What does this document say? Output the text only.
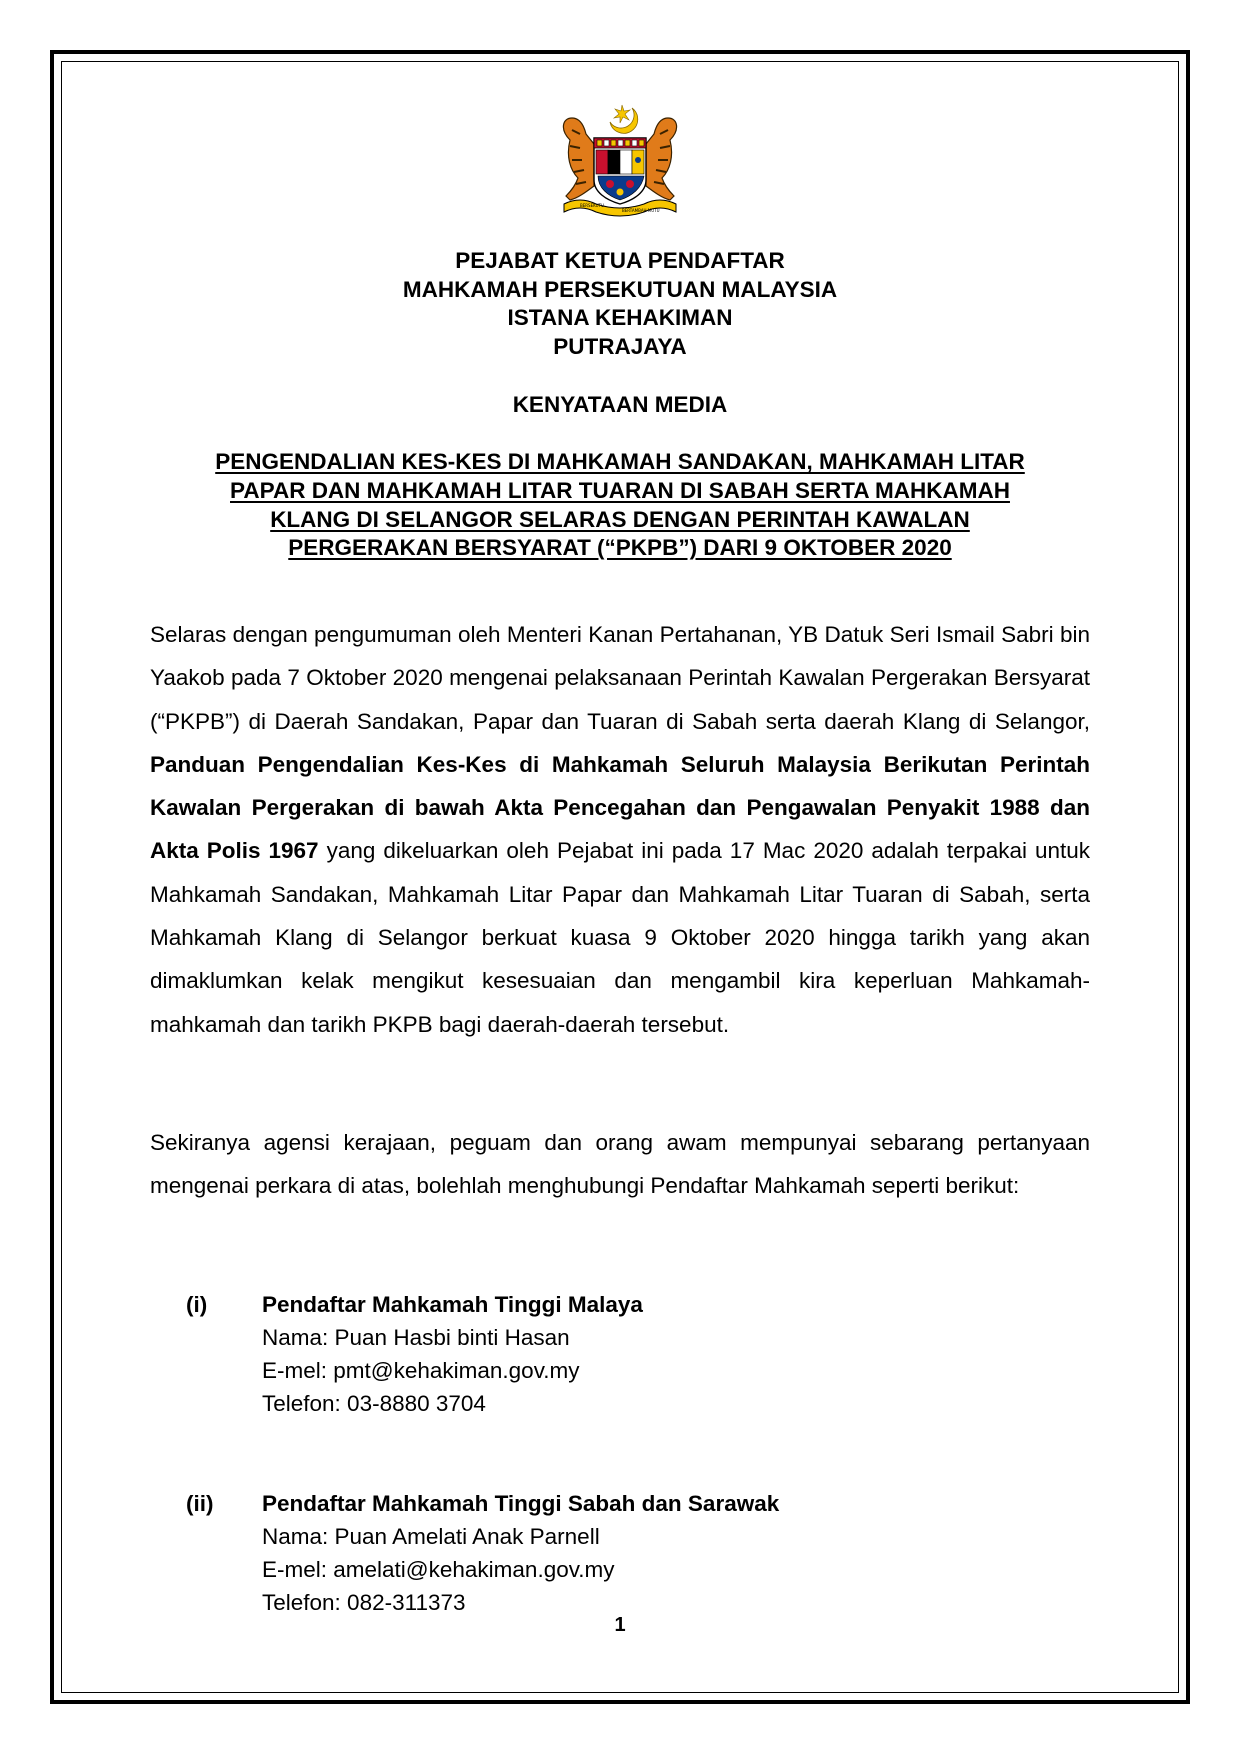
BERSEKUTU
BERTAMBAH MUTU
PEJABAT KETUA PENDAFTAR
MAHKAMAH PERSEKUTUAN MALAYSIA
ISTANA KEHAKIMAN
PUTRAJAYA
KENYATAAN MEDIA
PENGENDALIAN KES-KES DI MAHKAMAH SANDAKAN, MAHKAMAH LITAR
PAPAR DAN MAHKAMAH LITAR TUARAN DI SABAH SERTA MAHKAMAH
KLANG DI SELANGOR SELARAS DENGAN PERINTAH KAWALAN
PERGERAKAN BERSYARAT (“PKPB”) DARI 9 OKTOBER 2020

Selaras dengan pengumuman oleh Menteri Kanan Pertahanan, YB Datuk Seri Ismail Sabri bin Yaakob pada 7 Oktober 2020 mengenai pelaksanaan Perintah Kawalan Pergerakan Bersyarat (“PKPB”) di Daerah Sandakan, Papar dan Tuaran di Sabah serta daerah Klang di Selangor, Panduan Pengendalian Kes-Kes di Mahkamah Seluruh Malaysia Berikutan Perintah Kawalan Pergerakan di bawah Akta Pencegahan dan Pengawalan Penyakit 1988 dan Akta Polis 1967 yang dikeluarkan oleh Pejabat ini pada 17 Mac 2020 adalah terpakai untuk Mahkamah Sandakan, Mahkamah Litar Papar dan Mahkamah Litar Tuaran di Sabah, serta Mahkamah Klang di Selangor berkuat kuasa 9 Oktober 2020 hingga tarikh yang akan dimaklumkan kelak mengikut kesesuaian dan mengambil kira keperluan Mahkamah-mahkamah dan tarikh PKPB bagi daerah-daerah tersebut.

Sekiranya agensi kerajaan, peguam dan orang awam mempunyai sebarang pertanyaan mengenai perkara di atas, bolehlah menghubungi Pendaftar Mahkamah seperti berikut:

(i) Pendaftar Mahkamah Tinggi Malaya
Nama: Puan Hasbi binti Hasan
E-mel: pmt@kehakiman.gov.my
Telefon: 03-8880 3704
(ii) Pendaftar Mahkamah Tinggi Sabah dan Sarawak
Nama: Puan Amelati Anak Parnell
E-mel: amelati@kehakiman.gov.my
Telefon: 082-311373
1
